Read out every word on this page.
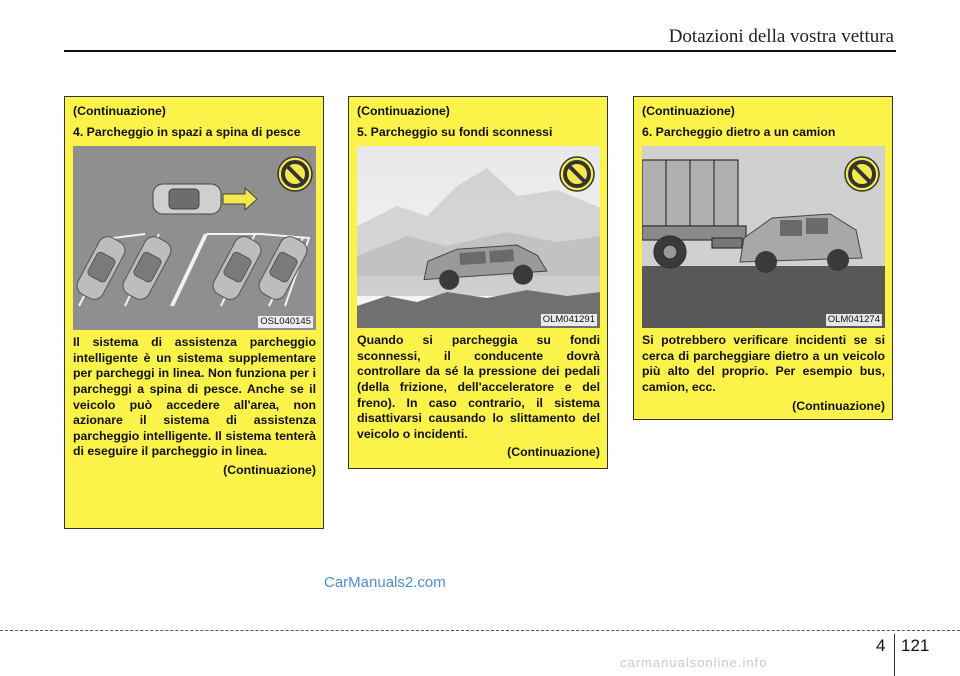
Dotazioni della vostra vettura

(Continuazione)

4. Parcheggio in spazi a spina di pesce

OSL040145

Il sistema di assistenza parcheggio intelligente è un sistema supplementare per parcheggi in linea. Non funziona per i parcheggi a spina di pesce. Anche se il veicolo può accedere all'area, non azionare il sistema di assistenza parcheggio intelligente. Il sistema tenterà di eseguire il parcheggio in linea.

(Continuazione)

(Continuazione)

5. Parcheggio su fondi sconnessi

OLM041291

Quando si parcheggia su fondi sconnessi, il conducente dovrà controllare da sé la pressione dei pedali (della frizione, dell'acceleratore e del freno). In caso contrario, il sistema disattivarsi causando lo slittamento del veicolo o incidenti.

(Continuazione)

(Continuazione)

6. Parcheggio dietro a un camion

OLM041274

Si potrebbero verificare incidenti se si cerca di parcheggiare dietro a un veicolo più alto del proprio. Per esempio bus, camion, ecc.

(Continuazione)

CarManuals2.com
4 121
carmanualsonline.info
